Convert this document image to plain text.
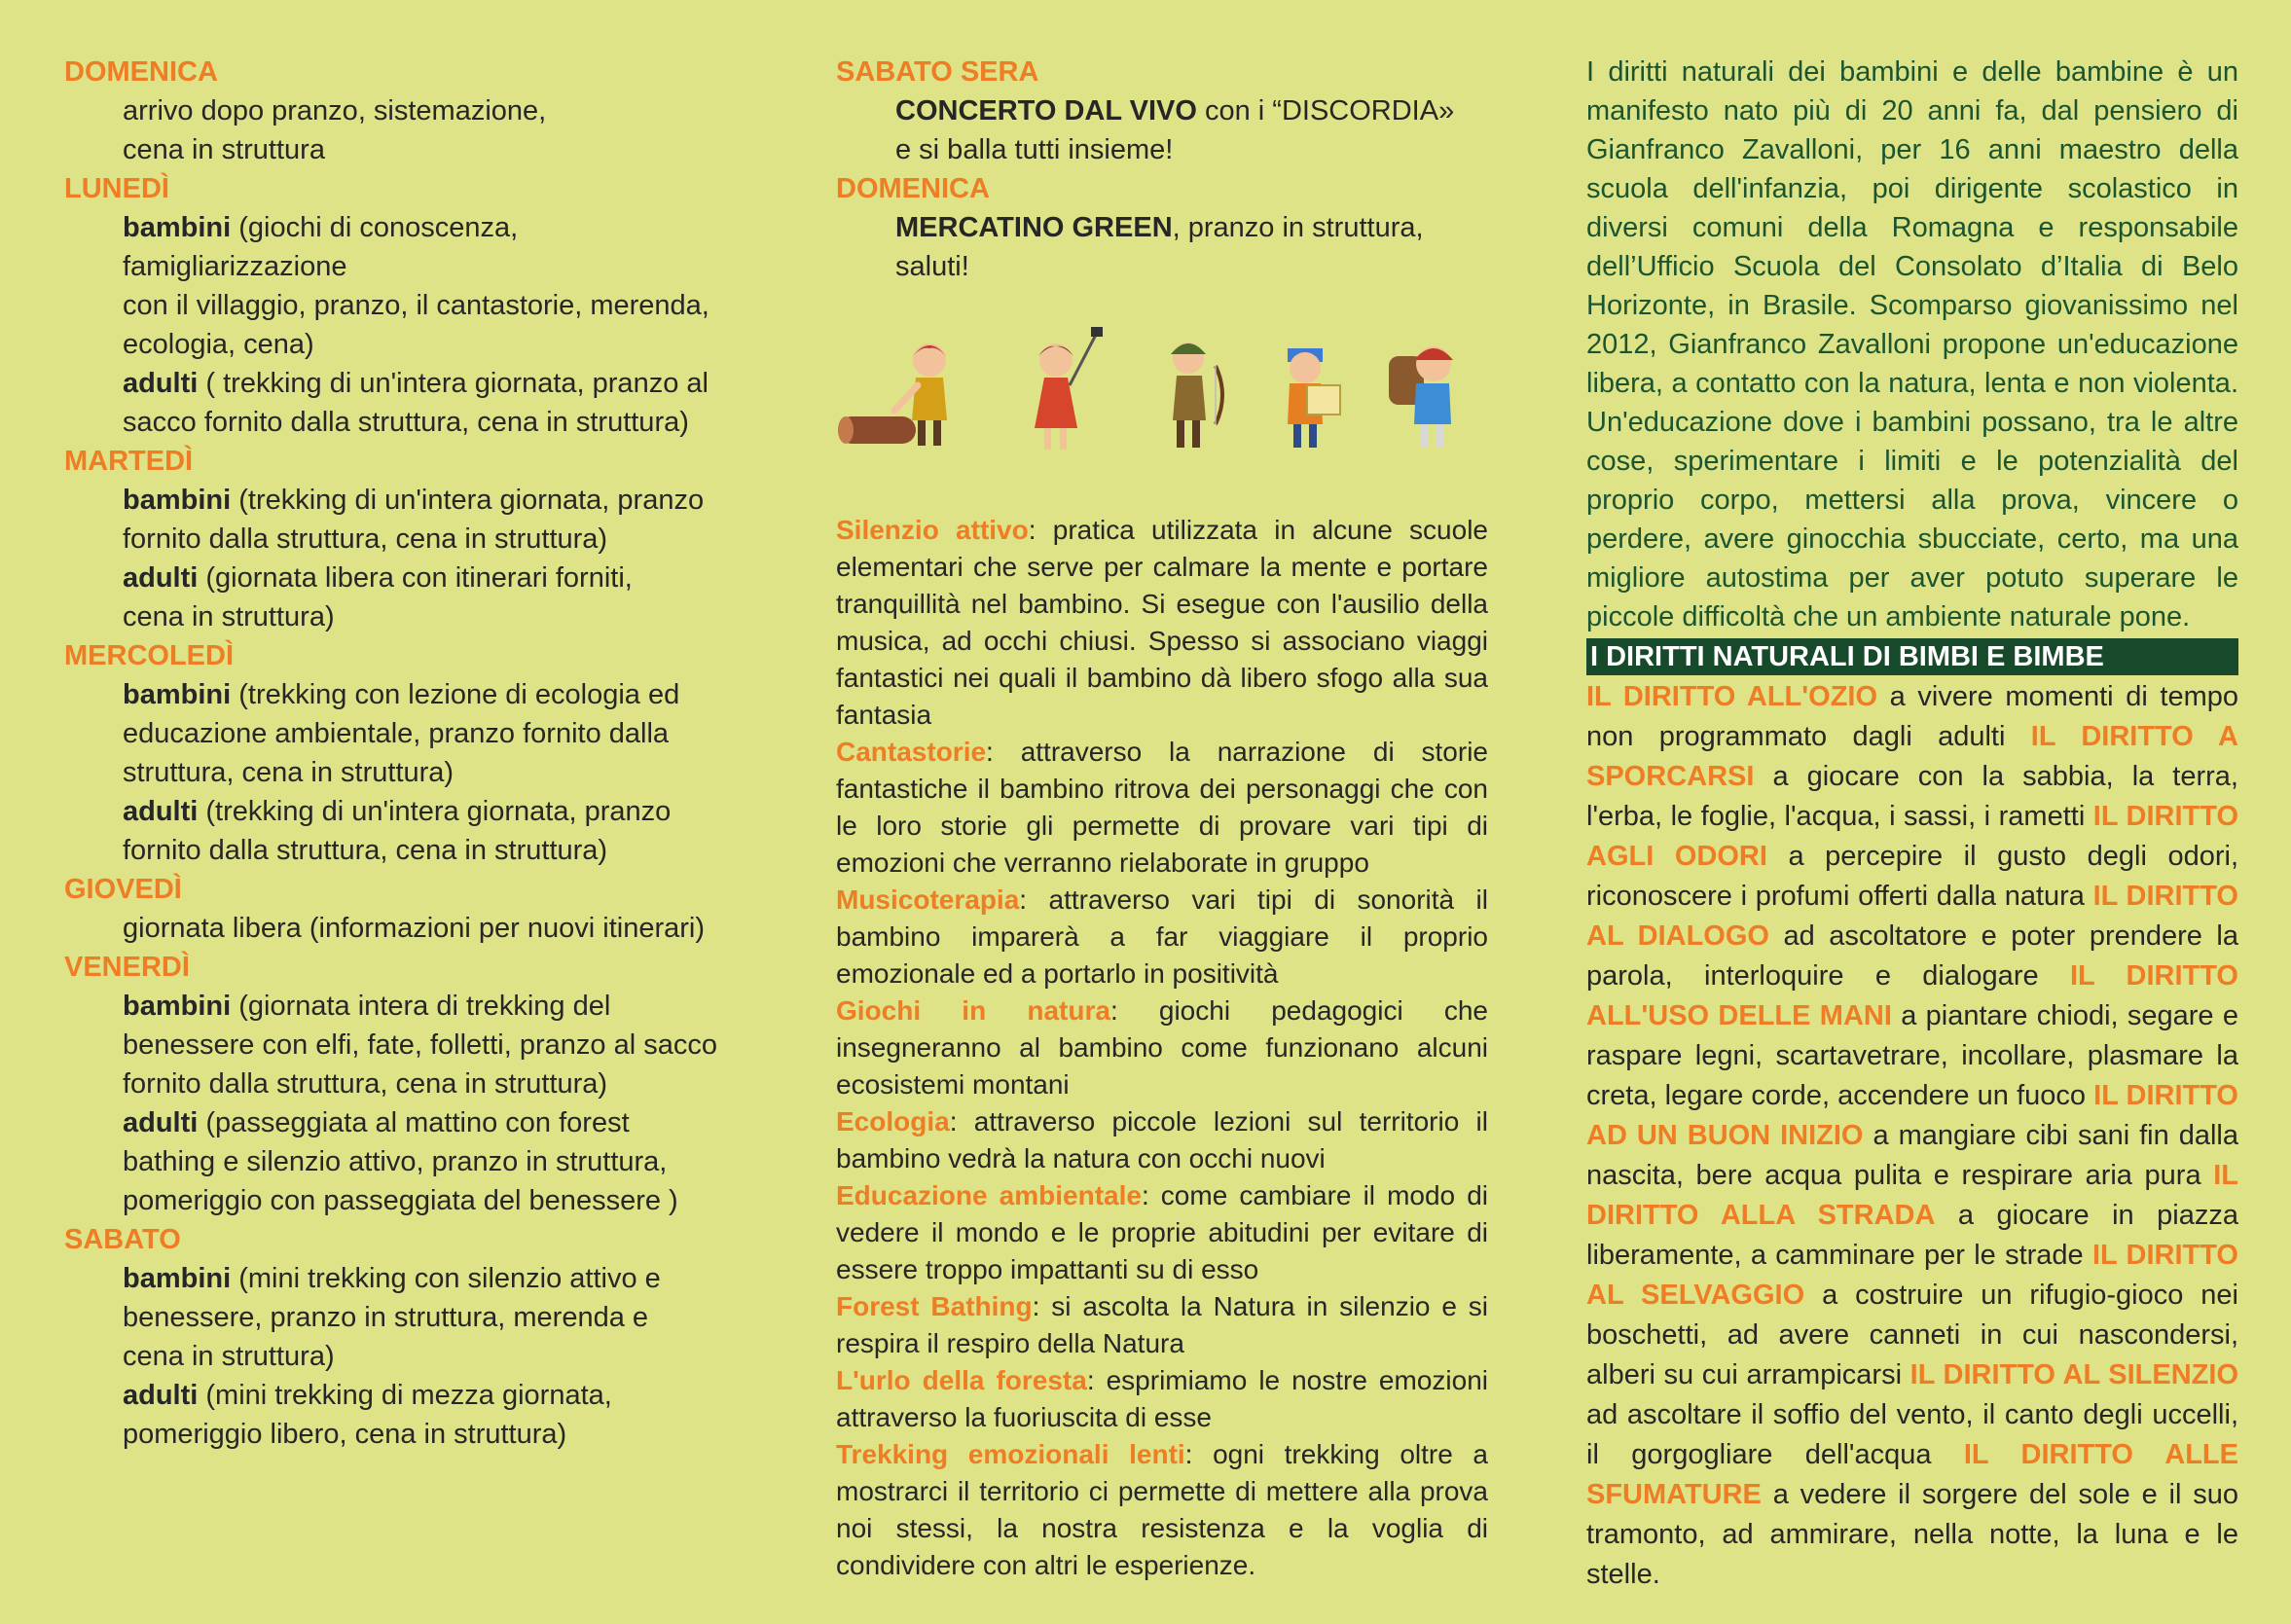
DOMENICA

arrivo dopo pranzo, sistemazione,

cena in struttura

LUNEDÌ

bambini (giochi di conoscenza,

famigliarizzazione

con il villaggio, pranzo, il cantastorie, merenda,

ecologia, cena)

adulti ( trekking di un'intera giornata, pranzo al

sacco fornito dalla struttura, cena in struttura)

MARTEDÌ

bambini (trekking di un'intera giornata, pranzo

fornito dalla struttura, cena in struttura)

adulti (giornata libera con itinerari forniti,

cena in struttura)

MERCOLEDÌ

bambini (trekking con lezione di ecologia ed

educazione ambientale, pranzo fornito dalla

struttura, cena in struttura)

adulti (trekking di un'intera giornata, pranzo

fornito dalla struttura, cena in struttura)

GIOVEDÌ

giornata libera (informazioni per nuovi itinerari)

VENERDÌ

bambini (giornata intera di trekking del

benessere con elfi, fate, folletti, pranzo al sacco

fornito dalla struttura, cena in struttura)

adulti (passeggiata al mattino con forest

bathing e silenzio attivo, pranzo in struttura,

pomeriggio con passeggiata del benessere )

SABATO

bambini (mini trekking con silenzio attivo e

benessere, pranzo in struttura, merenda e

cena in struttura)

adulti (mini trekking di mezza giornata,

pomeriggio libero, cena in struttura)

SABATO SERA

CONCERTO DAL VIVO con i “DISCORDIA»

e si balla tutti insieme!

DOMENICA

MERCATINO GREEN, pranzo in struttura, saluti!

Silenzio attivo: pratica utilizzata in alcune scuole elementari che serve per calmare la mente e portare tranquillità nel bambino. Si esegue con l'ausilio della musica, ad occhi chiusi. Spesso si associano viaggi fantastici nei quali il bambino dà libero sfogo alla sua fantasia

Cantastorie: attraverso la narrazione di storie fantastiche il bambino ritrova dei personaggi che con le loro storie gli permette di provare vari tipi di emozioni che verranno rielaborate in gruppo

Musicoterapia: attraverso vari tipi di sonorità il bambino imparerà a far viaggiare il proprio emozionale ed a portarlo in positività

Giochi in natura: giochi pedagogici che insegneranno al bambino come funzionano alcuni ecosistemi montani

Ecologia: attraverso piccole lezioni sul territorio il bambino vedrà la natura con occhi nuovi

Educazione ambientale: come cambiare il modo di vedere il mondo e le proprie abitudini per evitare di essere troppo impattanti su di esso

Forest Bathing: si ascolta la Natura in silenzio e si respira il respiro della Natura

L'urlo della foresta: esprimiamo le nostre emozioni attraverso la fuoriuscita di esse

Trekking emozionali lenti: ogni trekking oltre a mostrarci il territorio ci permette di mettere alla prova noi stessi, la nostra resistenza e la voglia di condividere con altri le esperienze.

I diritti naturali dei bambini e delle bambine è un manifesto nato più di 20 anni fa, dal pensiero di Gianfranco Zavalloni, per 16 anni maestro della scuola dell'infanzia, poi dirigente scolastico in diversi comuni della Romagna e responsabile dell’Ufficio Scuola del Consolato d’Italia di Belo Horizonte, in Brasile. Scomparso giovanissimo nel 2012, Gianfranco Zavalloni propone un'educazione libera, a contatto con la natura, lenta e non violenta. Un'educazione dove i bambini possano, tra le altre cose, sperimentare i limiti e le potenzialità del proprio corpo, mettersi alla prova, vincere o perdere, avere ginocchia sbucciate, certo, ma una migliore autostima per aver potuto superare le piccole difficoltà che un ambiente naturale pone.

I DIRITTI NATURALI DI BIMBI E BIMBE

IL DIRITTO ALL'OZIO a vivere momenti di tempo non programmato dagli adulti IL DIRITTO A SPORCARSI a giocare con la sabbia, la terra, l'erba, le foglie, l'acqua, i sassi, i rametti IL DIRITTO AGLI ODORI a percepire il gusto degli odori, riconoscere i profumi offerti dalla natura IL DIRITTO AL DIALOGO ad ascoltatore e poter prendere la parola, interloquire e dialogare IL DIRITTO ALL'USO DELLE MANI a piantare chiodi, segare e raspare legni, scartavetrare, incollare, plasmare la creta, legare corde, accendere un fuoco IL DIRITTO AD UN BUON INIZIO a mangiare cibi sani fin dalla nascita, bere acqua pulita e respirare aria pura IL DIRITTO ALLA STRADA a giocare in piazza liberamente, a camminare per le strade IL DIRITTO AL SELVAGGIO a costruire un rifugio-gioco nei boschetti, ad avere canneti in cui nascondersi, alberi su cui arrampicarsi IL DIRITTO AL SILENZIO ad ascoltare il soffio del vento, il canto degli uccelli, il gorgogliare dell'acqua IL DIRITTO ALLE SFUMATURE a vedere il sorgere del sole e il suo tramonto, ad ammirare, nella notte, la luna e le stelle.
